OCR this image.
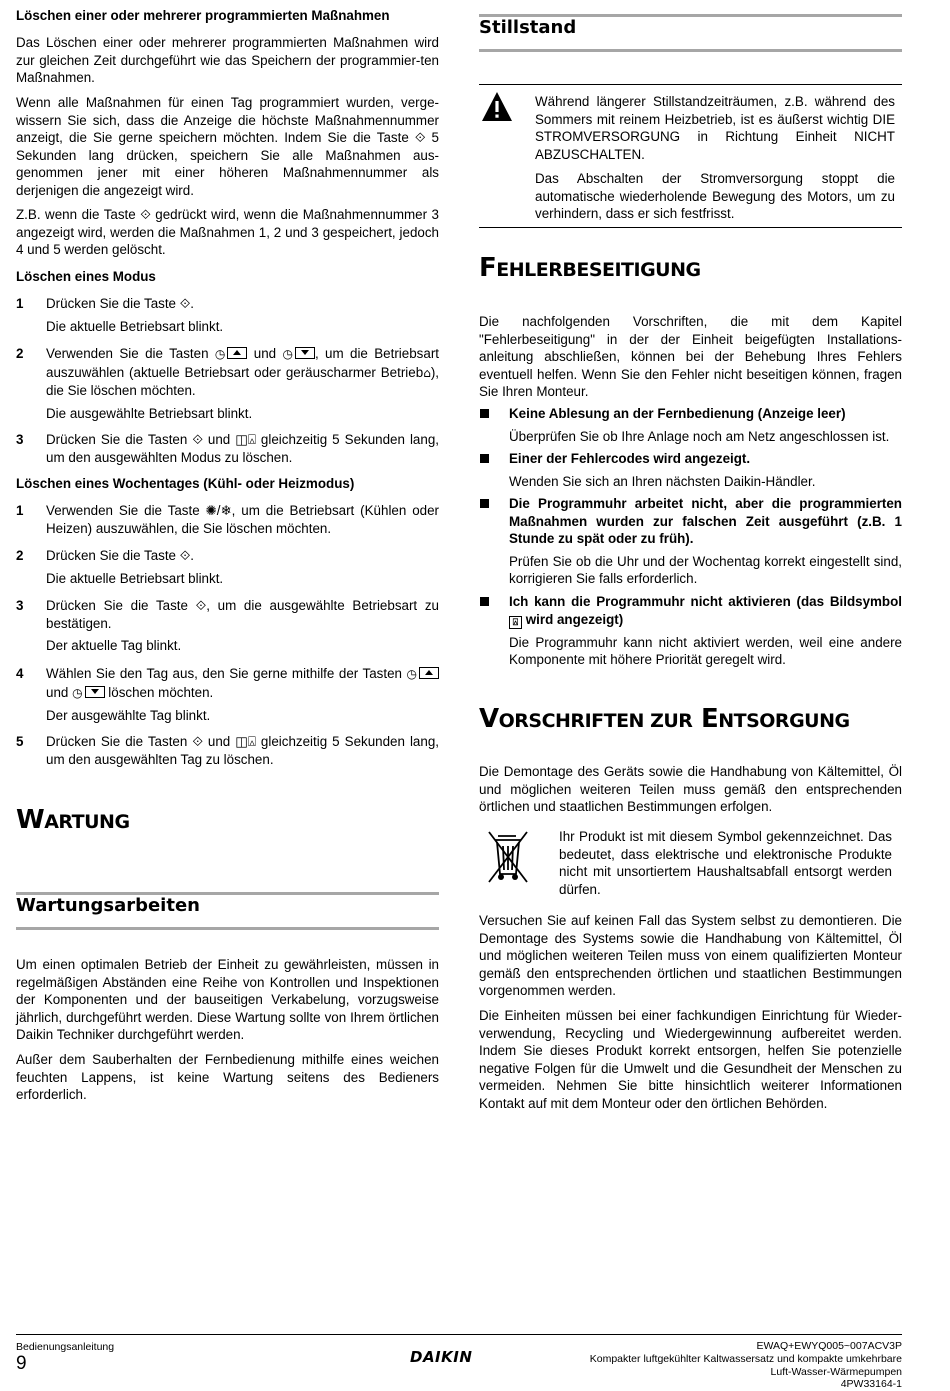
Löschen einer oder mehrerer programmierten Maßnahmen

Das Löschen einer oder mehrerer programmierten Maßnahmen wird zur gleichen Zeit durchgeführt wie das Speichern der programmier-ten Maßnahmen.

Wenn alle Maßnahmen für einen Tag programmiert wurden, verge-wissern Sie sich, dass die Anzeige die höchste Maßnahmennummer anzeigt, die Sie gerne speichern möchten. Indem Sie die Taste ⟐ 5 Sekunden lang drücken, speichern Sie alle Maßnahmen aus-genommen jener mit einer höheren Maßnahmennummer als derjenigen die angezeigt wird.

Z.B. wenn die Taste ⟐ gedrückt wird, wenn die Maßnahmennummer 3 angezeigt wird, werden die Maßnahmen 1, 2 und 3 gespeichert, jedoch 4 und 5 werden gelöscht.

Löschen eines Modus
1 Drücken Sie die Taste ⟐.

Die aktuelle Betriebsart blinkt.

2 Verwenden Sie die Tasten ◷ und ◷ , um die Betriebsart auszuwählen (aktuelle Betriebsart oder geräuscharmer Betrieb⌂), die Sie löschen möchten.

Die ausgewählte Betriebsart blinkt.

3 Drücken Sie die Tasten ⟐ und ◫⍓ gleichzeitig 5 Sekunden lang, um den ausgewählten Modus zu löschen.

Löschen eines Wochentages (Kühl- oder Heizmodus)
1 Verwenden Sie die Taste ✺/❄, um die Betriebsart (Kühlen oder Heizen) auszuwählen, die Sie löschen möchten.

2 Drücken Sie die Taste ⟐.

Die aktuelle Betriebsart blinkt.

3 Drücken Sie die Taste ⟐, um die ausgewählte Betriebsart zu bestätigen.

Der aktuelle Tag blinkt.

4 Wählen Sie den Tag aus, den Sie gerne mithilfe der Tasten ◷ und ◷ löschen möchten.

Der ausgewählte Tag blinkt.

5 Drücken Sie die Tasten ⟐ und ◫⍓ gleichzeitig 5 Sekunden lang, um den ausgewählten Tag zu löschen.

WARTUNG
Wartungsarbeiten

Um einen optimalen Betrieb der Einheit zu gewährleisten, müssen in regelmäßigen Abständen eine Reihe von Kontrollen und Inspektionen der Komponenten und der bauseitigen Verkabelung, vorzugsweise jährlich, durchgeführt werden. Diese Wartung sollte von Ihrem örtlichen Daikin Techniker durchgeführt werden.

Außer dem Sauberhalten der Fernbedienung mithilfe eines weichen feuchten Lappens, ist keine Wartung seitens des Bedieners erforderlich.

Stillstand

Während längerer Stillstandzeiträumen, z.B. während des Sommers mit reinem Heizbetrieb, ist es äußerst wichtig DIE STROMVERSORGUNG in Richtung Einheit NICHT ABZUSCHALTEN.

Das Abschalten der Stromversorgung stoppt die automatische wiederholende Bewegung des Motors, um zu verhindern, dass er sich festfrisst.

FEHLERBESEITIGUNG

Die nachfolgenden Vorschriften, die mit dem Kapitel "Fehlerbeseitigung" in der der Einheit beigefügten Installations-anleitung abschließen, können bei der Behebung Ihres Fehlers eventuell helfen. Wenn Sie den Fehler nicht beseitigen können, fragen Sie Ihren Monteur.

Keine Ablesung an der Fernbedienung (Anzeige leer)

Überprüfen Sie ob Ihre Anlage noch am Netz angeschlossen ist.

Einer der Fehlercodes wird angezeigt.

Wenden Sie sich an Ihren nächsten Daikin-Händler.

Die Programmuhr arbeitet nicht, aber die programmierten Maßnahmen wurden zur falschen Zeit ausgeführt (z.B. 1 Stunde zu spät oder zu früh).

Prüfen Sie ob die Uhr und der Wochentag korrekt eingestellt sind, korrigieren Sie falls erforderlich.

Ich kann die Programmuhr nicht aktivieren (das Bildsymbol ⍓ wird angezeigt)

Die Programmuhr kann nicht aktiviert werden, weil eine andere Komponente mit höhere Priorität geregelt wird.

VORSCHRIFTEN ZUR ENTSORGUNG

Die Demontage des Geräts sowie die Handhabung von Kältemittel, Öl und möglichen weiteren Teilen muss gemäß den entsprechenden örtlichen und staatlichen Bestimmungen erfolgen.

Ihr Produkt ist mit diesem Symbol gekennzeichnet. Das bedeutet, dass elektrische und elektronische Produkte nicht mit unsortiertem Haushaltsabfall entsorgt werden dürfen.

Versuchen Sie auf keinen Fall das System selbst zu demontieren. Die Demontage des Systems sowie die Handhabung von Kältemittel, Öl und möglichen weiteren Teilen muss von einem qualifizierten Monteur gemäß den entsprechenden örtlichen und staatlichen Bestimmungen vorgenommen werden.

Die Einheiten müssen bei einer fachkundigen Einrichtung für Wieder-verwendung, Recycling und Wiedergewinnung aufbereitet werden. Indem Sie dieses Produkt korrekt entsorgen, helfen Sie potenzielle negative Folgen für die Umwelt und die Gesundheit der Menschen zu vermeiden. Nehmen Sie bitte hinsichtlich weiterer Informationen Kontakt auf mit dem Monteur oder den örtlichen Behörden.

Bedienungsanleitung
9	DAIKIN
EWAQ+EWYQ005~007ACV3P
Kompakter luftgekühlter Kaltwassersatz und kompakte umkehrbare
Luft-Wasser-Wärmepumpen
4PW33164-1
